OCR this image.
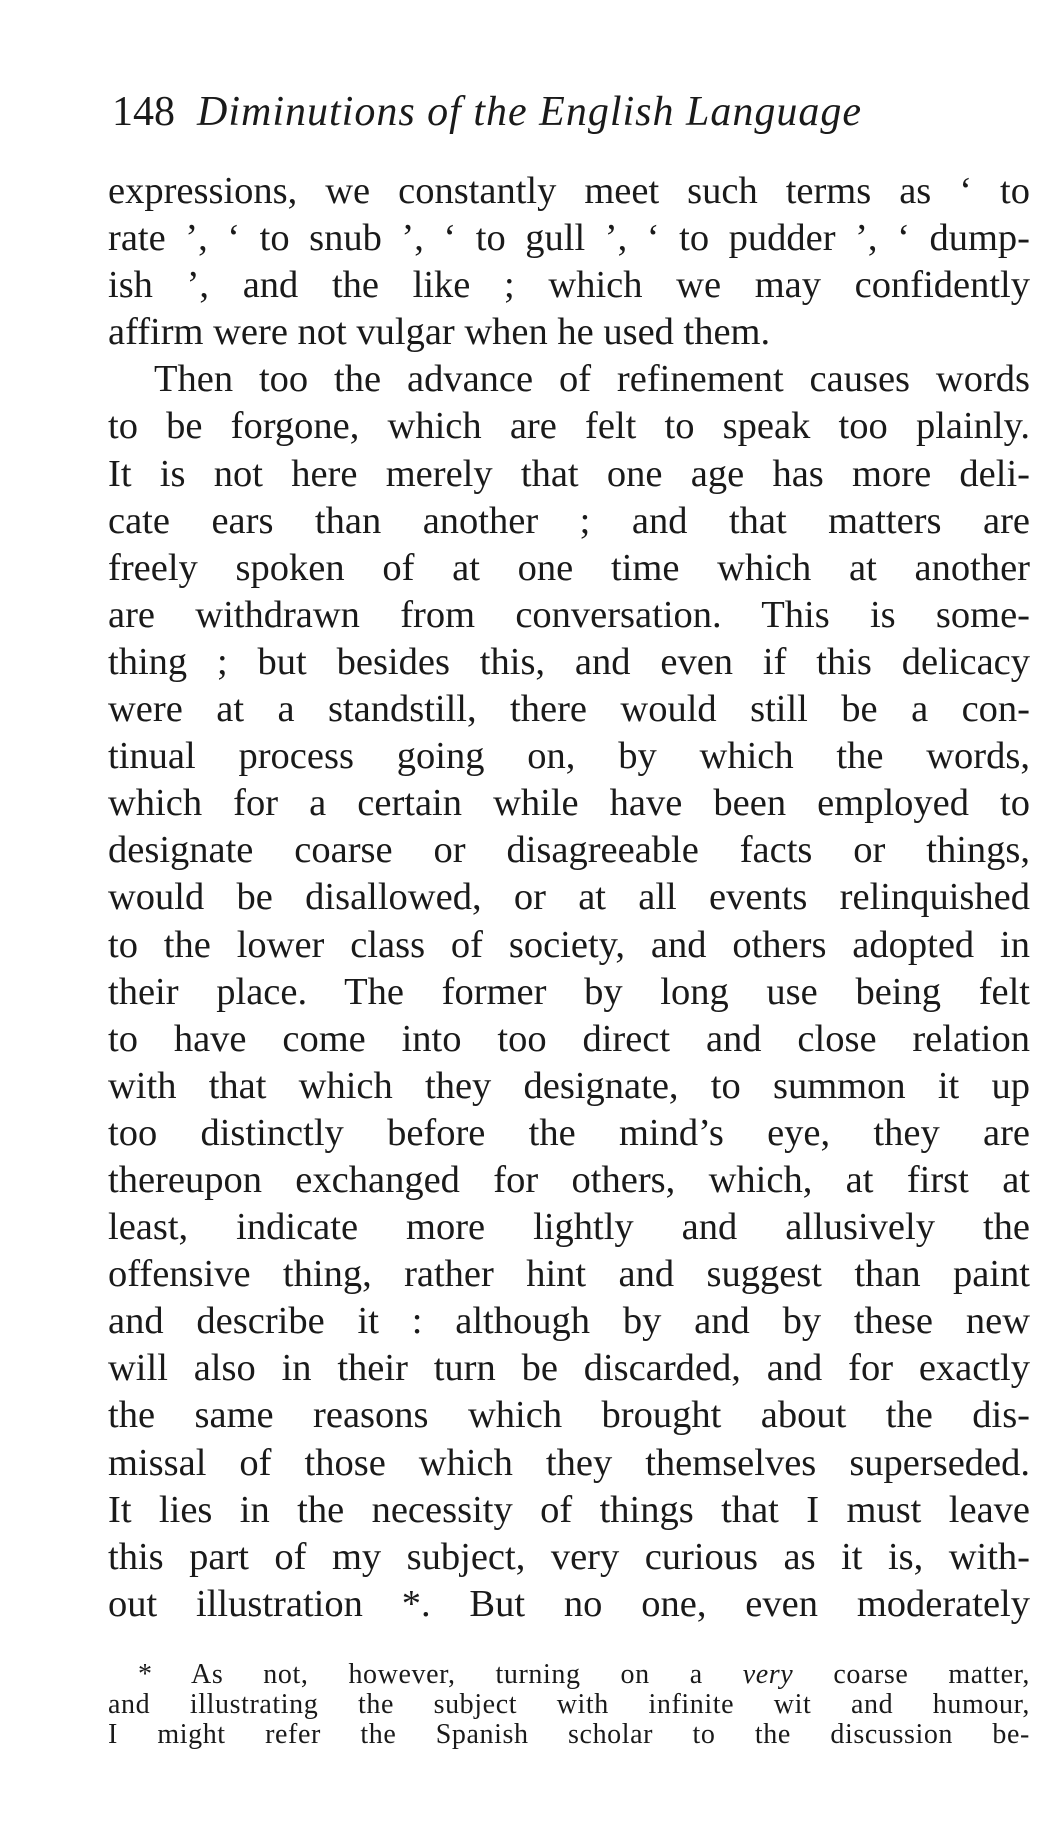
148 Diminutions of the English Language
expressions, we constantly meet such terms as ‘ to
rate ’, ‘ to snub ’, ‘ to gull ’, ‘ to pudder ’, ‘ dump-
ish ’, and the like ; which we may confidently
affirm were not vulgar when he used them.
Then too the advance of refinement causes words
to be forgone, which are felt to speak too plainly.
It is not here merely that one age has more deli-
cate ears than another ; and that matters are
freely spoken of at one time which at another
are withdrawn from conversation. This is some-
thing ; but besides this, and even if this delicacy
were at a standstill, there would still be a con-
tinual process going on, by which the words,
which for a certain while have been employed to
designate coarse or disagreeable facts or things,
would be disallowed, or at all events relinquished
to the lower class of society, and others adopted in
their place. The former by long use being felt
to have come into too direct and close relation
with that which they designate, to summon it up
too distinctly before the mind’s eye, they are
thereupon exchanged for others, which, at first at
least, indicate more lightly and allusively the
offensive thing, rather hint and suggest than paint
and describe it : although by and by these new
will also in their turn be discarded, and for exactly
the same reasons which brought about the dis-
missal of those which they themselves superseded.
It lies in the necessity of things that I must leave
this part of my subject, very curious as it is, with-
out illustration *. But no one, even moderately
* As not, however, turning on a very coarse matter,
and illustrating the subject with infinite wit and humour,
I might refer the Spanish scholar to the discussion be-
